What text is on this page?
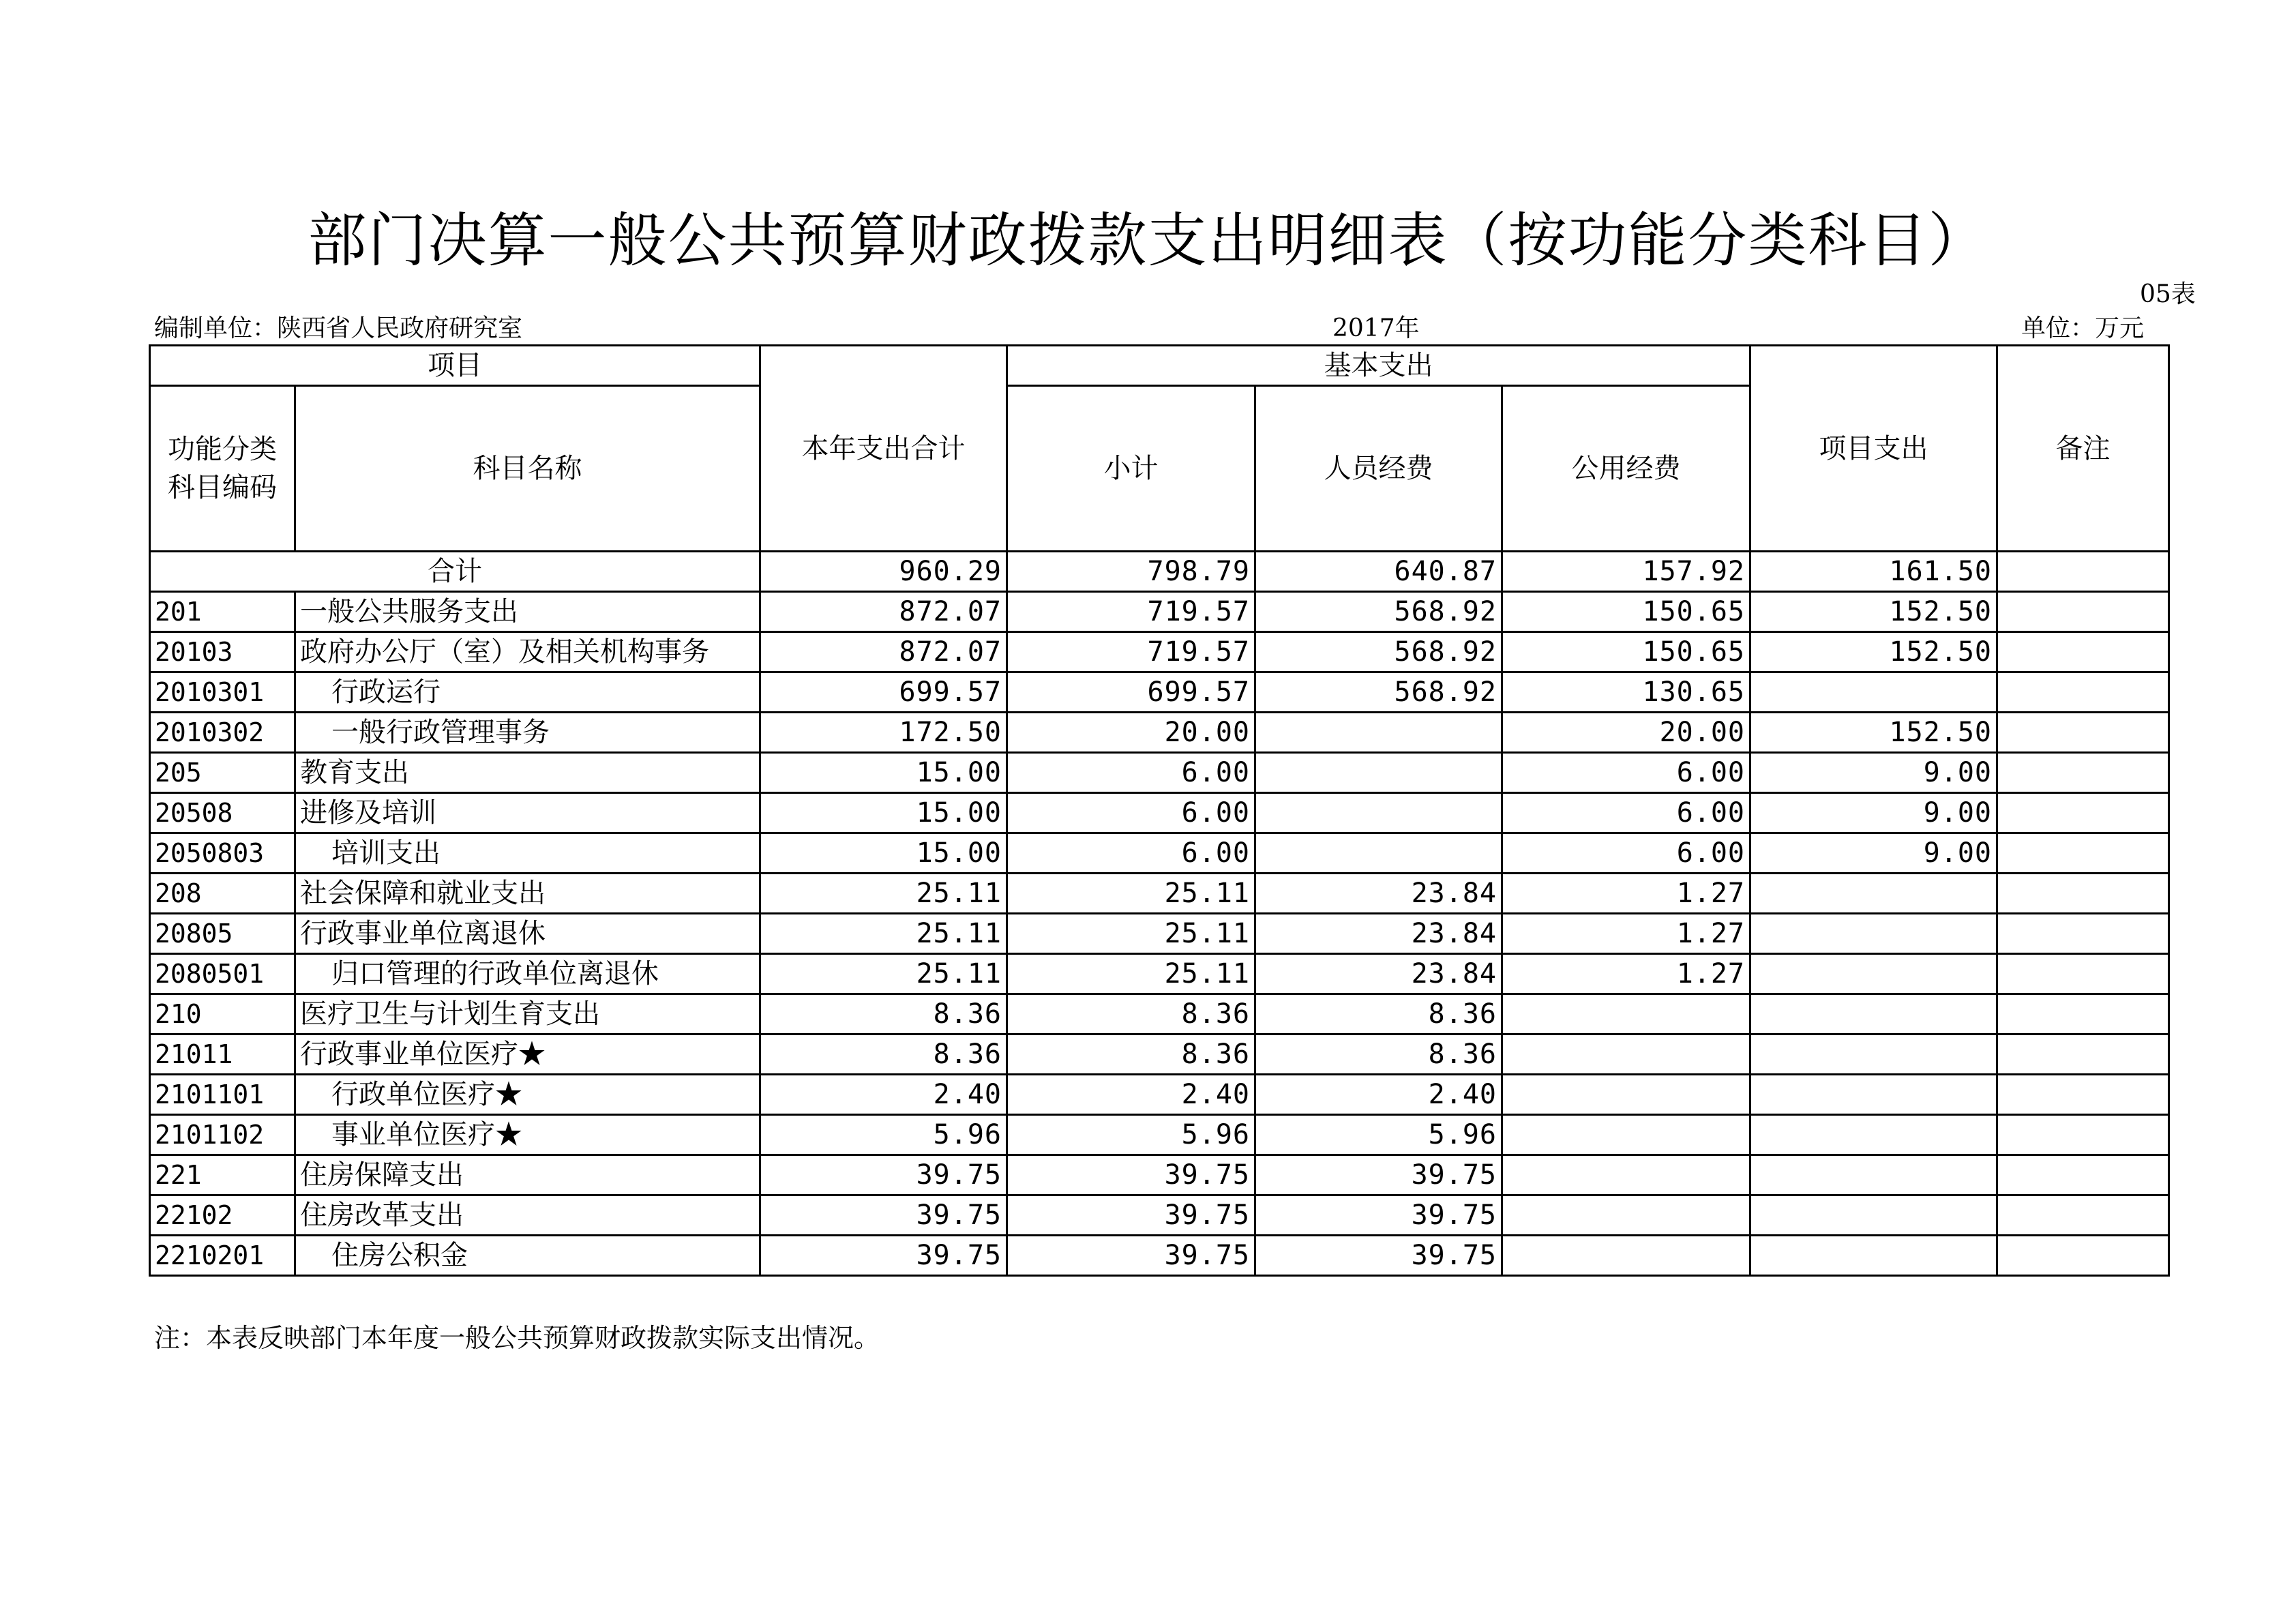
部门决算一般公共预算财政拨款支出明细表（按功能分类科目）
05表
编制单位：陕西省人民政府研究室	2017年	单位：万元
项目		本年支出合计	基本支出			项目支出	备注
功能分类科目编码	科目名称		小计	人员经费	公用经费		
合计		960.29	798.79	640.87	157.92	161.50	
201	一般公共服务支出	872.07	719.57	568.92	150.65	152.50	
20103	政府办公厅（室）及相关机构事务	872.07	719.57	568.92	150.65	152.50	
2010301	行政运行	699.57	699.57	568.92	130.65		
2010302	一般行政管理事务	172.50	20.00		20.00	152.50	
205	教育支出	15.00	6.00		6.00	9.00	
20508	进修及培训	15.00	6.00		6.00	9.00	
2050803	培训支出	15.00	6.00		6.00	9.00	
208	社会保障和就业支出	25.11	25.11	23.84	1.27		
20805	行政事业单位离退休	25.11	25.11	23.84	1.27		
2080501	归口管理的行政单位离退休	25.11	25.11	23.84	1.27		
210	医疗卫生与计划生育支出	8.36	8.36	8.36			
21011	行政事业单位医疗★	8.36	8.36	8.36			
2101101	行政单位医疗★	2.40	2.40	2.40			
2101102	事业单位医疗★	5.96	5.96	5.96			
221	住房保障支出	39.75	39.75	39.75			
22102	住房改革支出	39.75	39.75	39.75			
2210201	住房公积金	39.75	39.75	39.75			
注：本表反映部门本年度一般公共预算财政拨款实际支出情况。
